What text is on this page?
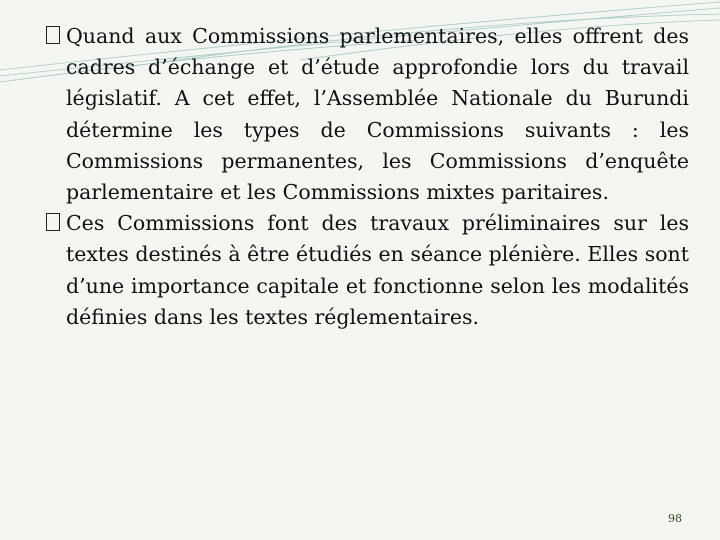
Quand aux Commissions parlementaires, elles offrent des cadres d’échange et d’étude approfondie lors du travail législatif. A cet effet, l’Assemblée Nationale du Burundi détermine les types de Commissions suivants : les Commissions permanentes, les Commissions d’enquête parlementaire et les Commissions mixtes paritaires.

Ces Commissions font des travaux préliminaires sur les textes destinés à être étudiés en séance plénière. Elles sont d’une importance capitale et fonctionne selon les modalités définies dans les textes réglementaires.

98
